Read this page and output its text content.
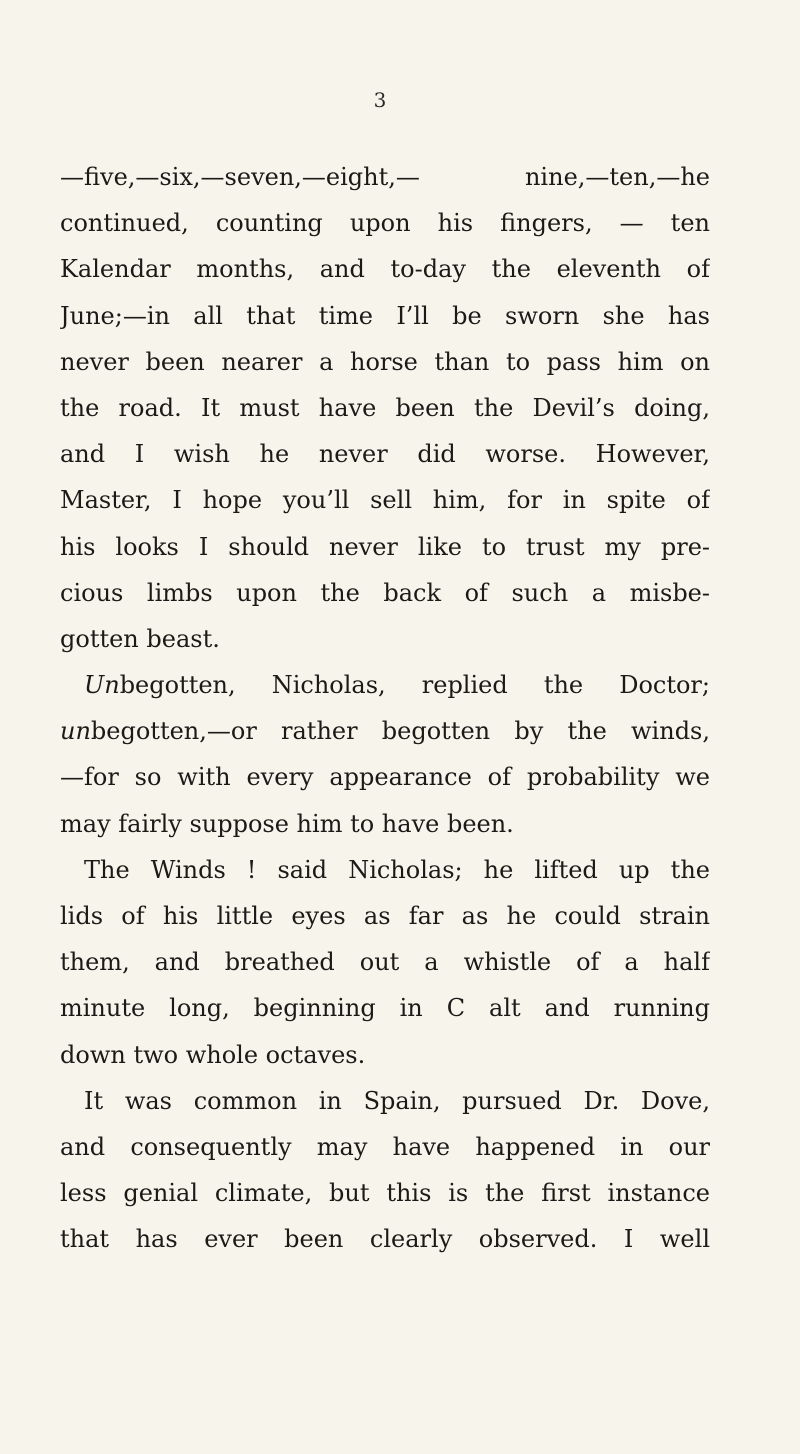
3
—five,—six,—seven,—eight,— nine,—ten,—he
continued, counting upon his fingers, — ten
Kalendar months, and to-day the eleventh of
June;—in all that time I’ll be sworn she has
never been nearer a horse than to pass him on
the road. It must have been the Devil’s doing,
and I wish he never did worse. However,
Master, I hope you’ll sell him, for in spite of
his looks I should never like to trust my pre-
cious limbs upon the back of such a misbe-
gotten beast.
Unbegotten, Nicholas, replied the Doctor;
unbegotten,—or rather begotten by the winds,
—for so with every appearance of probability we
may fairly suppose him to have been.
The Winds ! said Nicholas; he lifted up the
lids of his little eyes as far as he could strain
them, and breathed out a whistle of a half
minute long, beginning in C alt and running
down two whole octaves.
It was common in Spain, pursued Dr. Dove,
and consequently may have happened in our
less genial climate, but this is the first instance
that has ever been clearly observed. I well
